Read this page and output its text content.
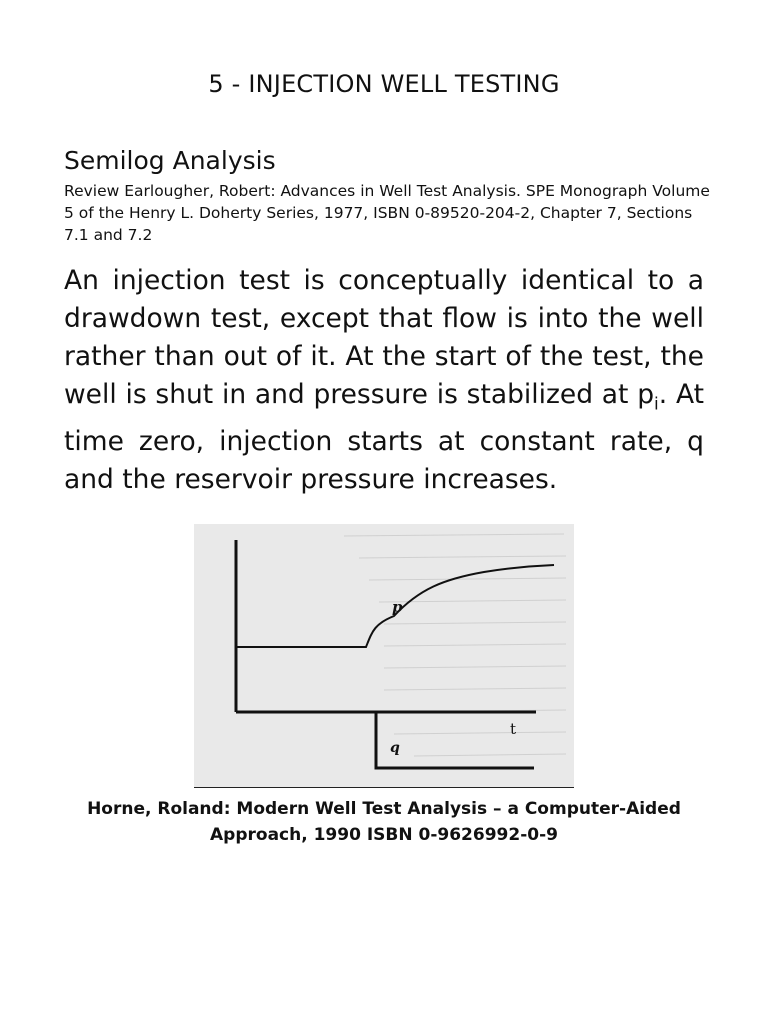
5 - INJECTION WELL TESTING
Semilog Analysis

Review Earlougher, Robert: Advances in Well Test Analysis. SPE Monograph Volume 5 of the Henry L. Doherty Series, 1977, ISBN 0-89520-204-2, Chapter 7, Sections 7.1 and 7.2

An injection test is conceptually identical to a drawdown test, except that flow is into the well rather than out of it. At the start of the test, the well is shut in and pressure is stabilized at $p_i$. At time zero, injection starts at constant rate, q and the reservoir pressure increases.

p
t
q
Horne, Roland: Modern Well Test Analysis – a Computer-Aided
Approach, 1990 ISBN 0-9626992-0-9
